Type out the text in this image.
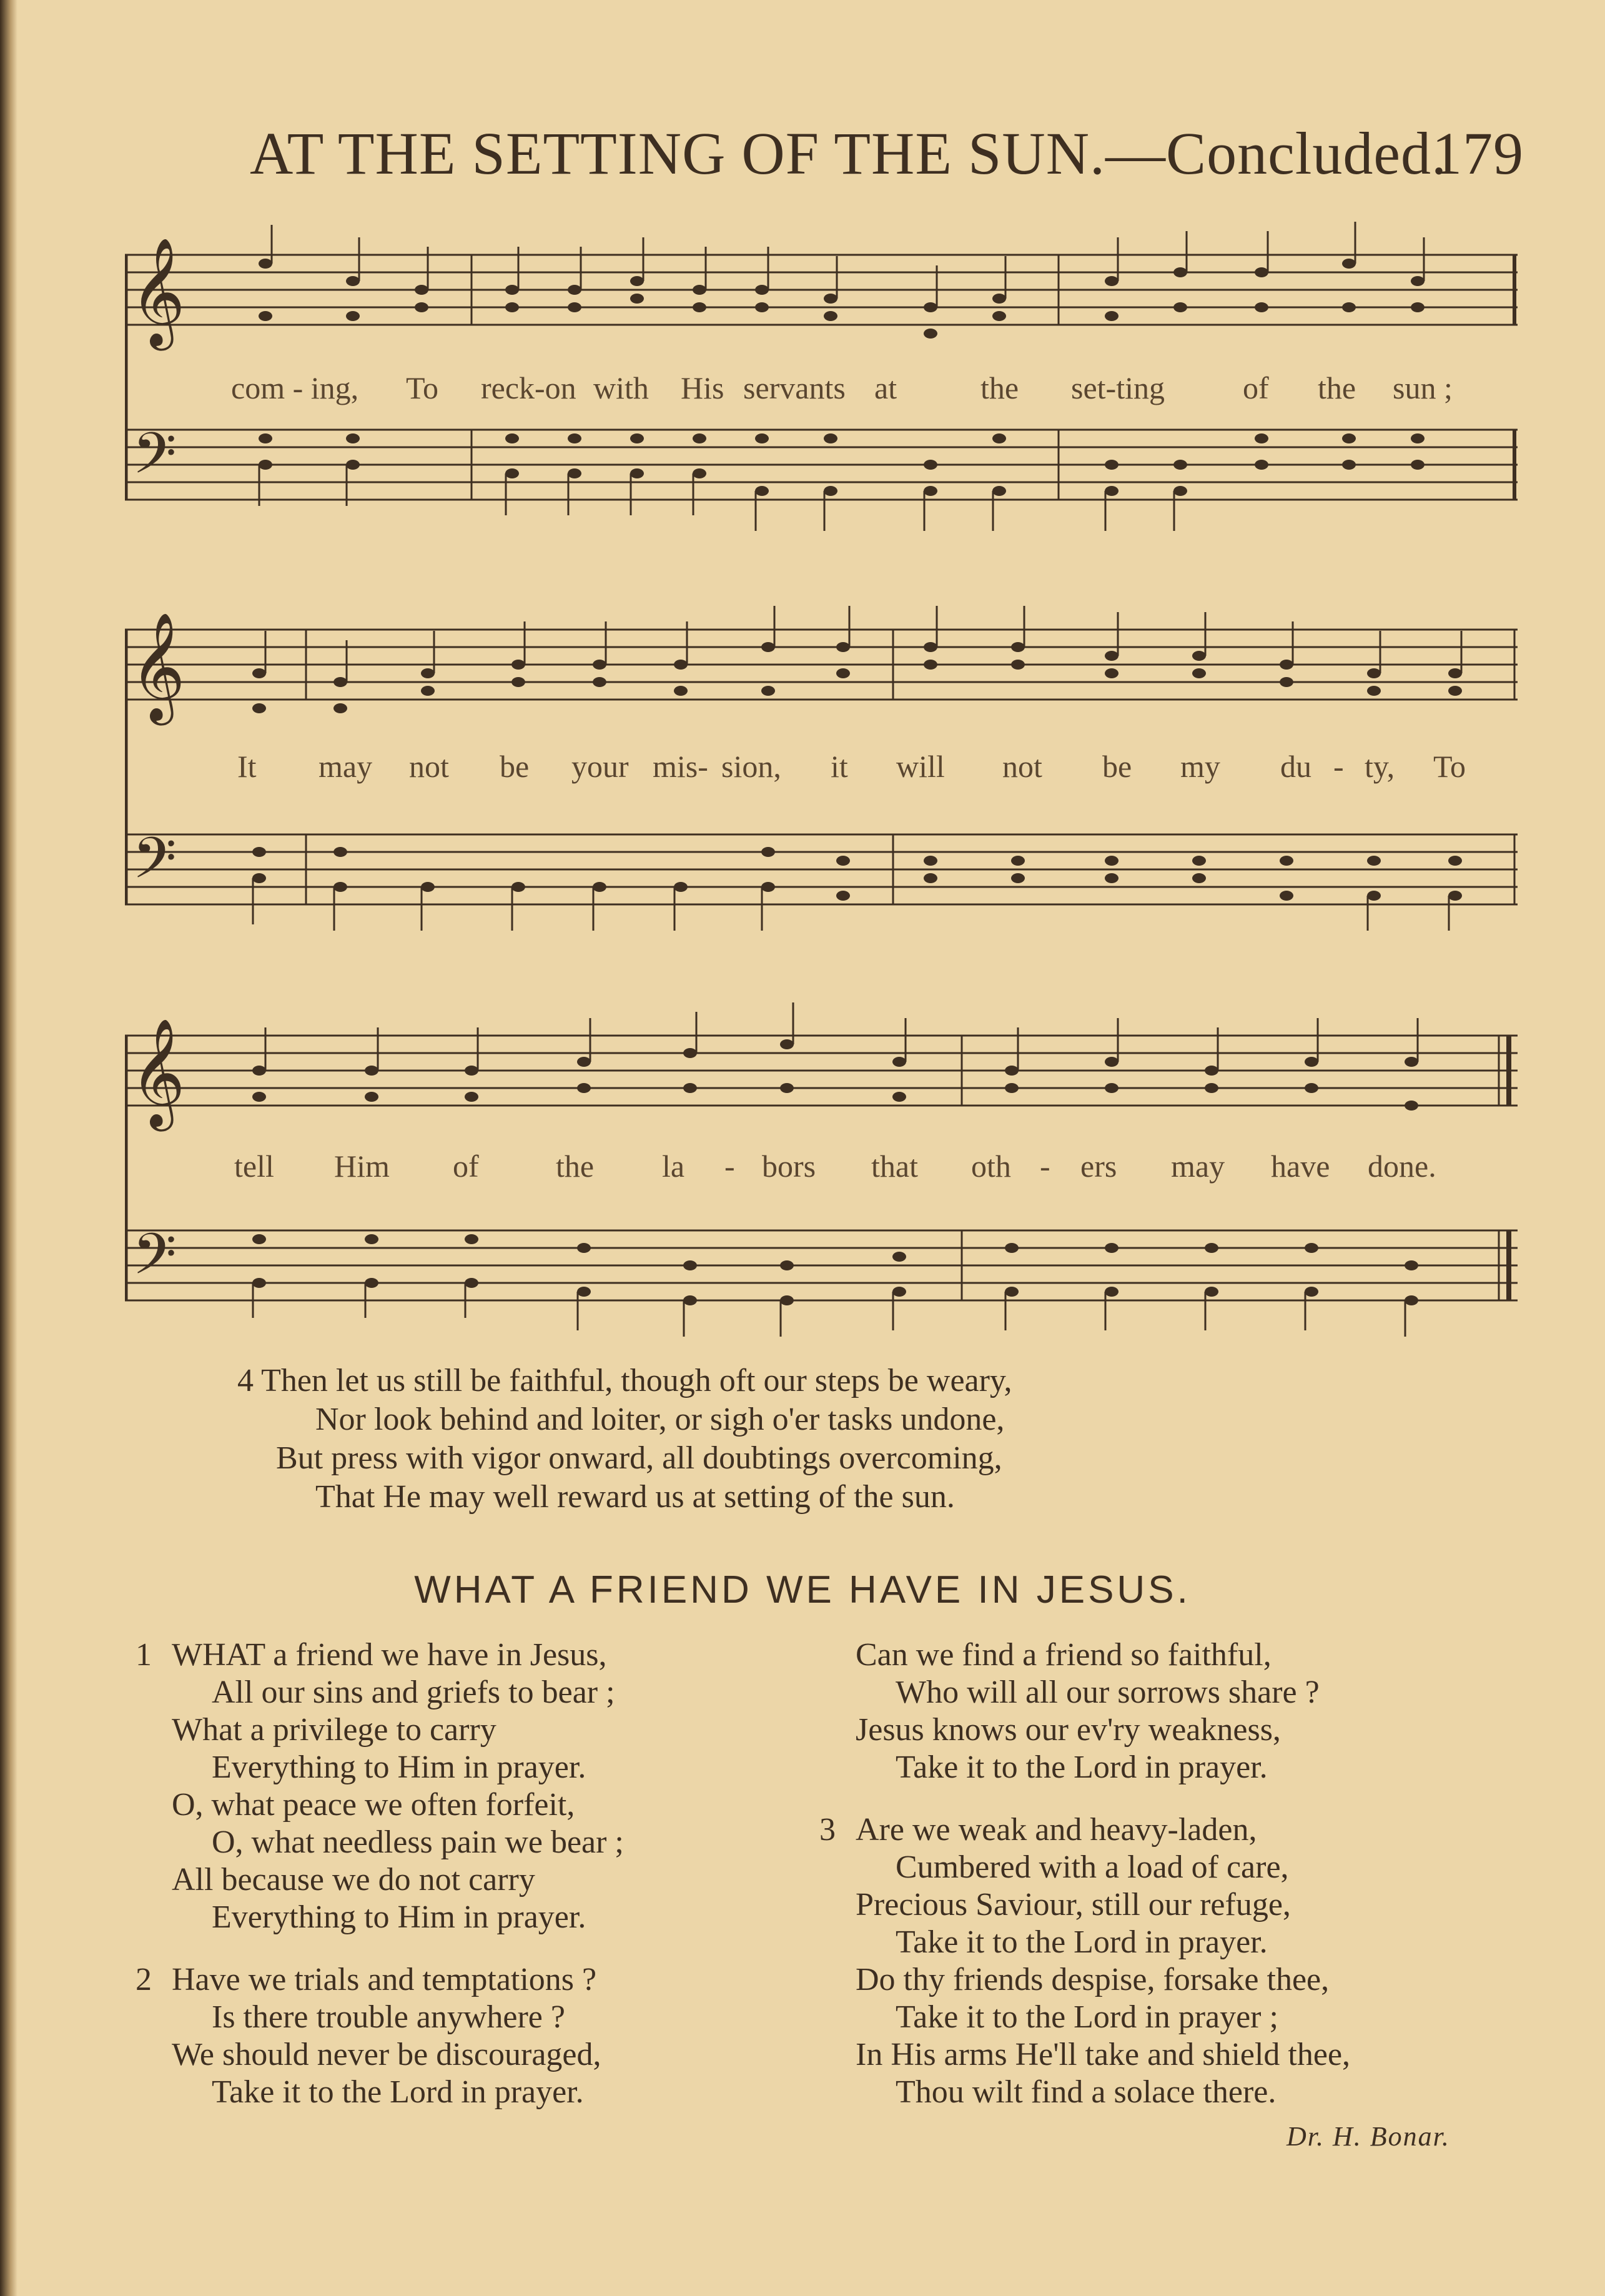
AT THE SETTING OF THE SUN.—Concluded.
179
𝄞
𝄢
com - ing, To reck-on with His servants at	the set-ting	of the sun ;
𝄞
𝄢
It may not be your mis- sion, it will not be my du - ty, To
𝄞
𝄢
tell Him of the la - bors that oth - ers may have done.
4 Then let us still be faithful, though oft our steps be weary,
Nor look behind and loiter, or sigh o'er tasks undone,
But press with vigor onward, all doubtings overcoming,
That He may well reward us at setting of the sun.
WHAT A FRIEND WE HAVE IN JESUS.
1 WHAT a friend we have in Jesus,
All our sins and griefs to bear ;
What a privilege to carry
Everything to Him in prayer.
O, what peace we often forfeit,
O, what needless pain we bear ;
All because we do not carry
Everything to Him in prayer.
2 Have we trials and temptations ?
Is there trouble anywhere ?
We should never be discouraged,
Take it to the Lord in prayer.
Can we find a friend so faithful,
Who will all our sorrows share ?
Jesus knows our ev'ry weakness,
Take it to the Lord in prayer.
3 Are we weak and heavy-laden,
Cumbered with a load of care,
Precious Saviour, still our refuge,
Take it to the Lord in prayer.
Do thy friends despise, forsake thee,
Take it to the Lord in prayer ;
In His arms He'll take and shield thee,
Thou wilt find a solace there.
Dr. H. Bonar.
